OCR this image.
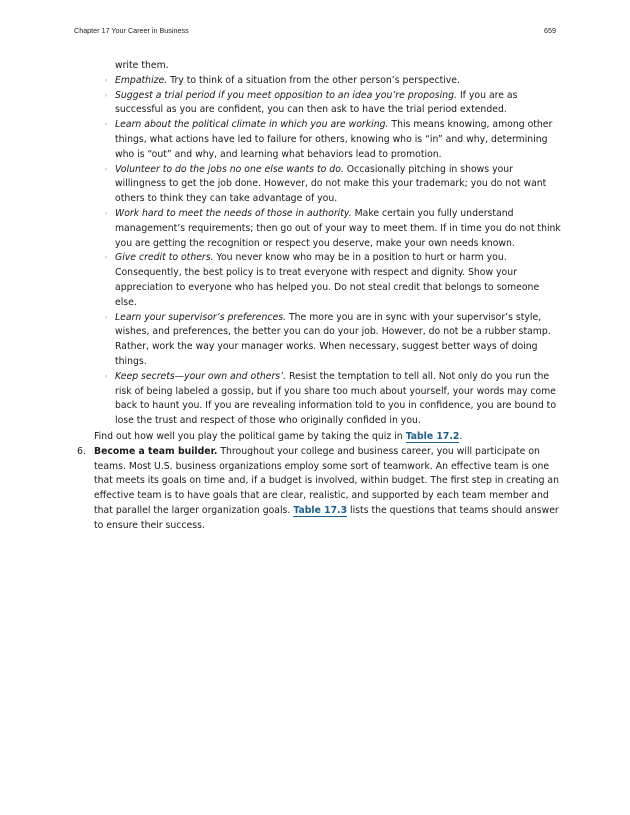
Chapter 17 Your Career in Business	659
write them.
◦ Empathize. Try to think of a situation from the other person’s perspective.
◦ Suggest a trial period if you meet opposition to an idea you’re proposing. If you are as successful as you are confident, you can then ask to have the trial period extended.
◦ Learn about the political climate in which you are working. This means knowing, among other things, what actions have led to failure for others, knowing who is “in” and why, determining who is “out” and why, and learning what behaviors lead to promotion.
◦ Volunteer to do the jobs no one else wants to do. Occasionally pitching in shows your willingness to get the job done. However, do not make this your trademark; you do not want others to think they can take advantage of you.
◦ Work hard to meet the needs of those in authority. Make certain you fully understand management’s requirements; then go out of your way to meet them. If in time you do not think you are getting the recognition or respect you deserve, make your own needs known.
◦ Give credit to others. You never know who may be in a position to hurt or harm you. Consequently, the best policy is to treat everyone with respect and dignity. Show your appreciation to everyone who has helped you. Do not steal credit that belongs to someone else.
◦ Learn your supervisor’s preferences. The more you are in sync with your supervisor’s style, wishes, and preferences, the better you can do your job. However, do not be a rubber stamp. Rather, work the way your manager works. When necessary, suggest better ways of doing things.
◦ Keep secrets—your own and others’. Resist the temptation to tell all. Not only do you run the risk of being labeled a gossip, but if you share too much about yourself, your words may come back to haunt you. If you are revealing information told to you in confidence, you are bound to lose the trust and respect of those who originally confided in you.
Find out how well you play the political game by taking the quiz in Table 17.2.
6. Become a team builder. Throughout your college and business career, you will participate on teams. Most U.S. business organizations employ some sort of teamwork. An effective team is one that meets its goals on time and, if a budget is involved, within budget. The first step in creating an effective team is to have goals that are clear, realistic, and supported by each team member and that parallel the larger organization goals. Table 17.3 lists the questions that teams should answer to ensure their success.
